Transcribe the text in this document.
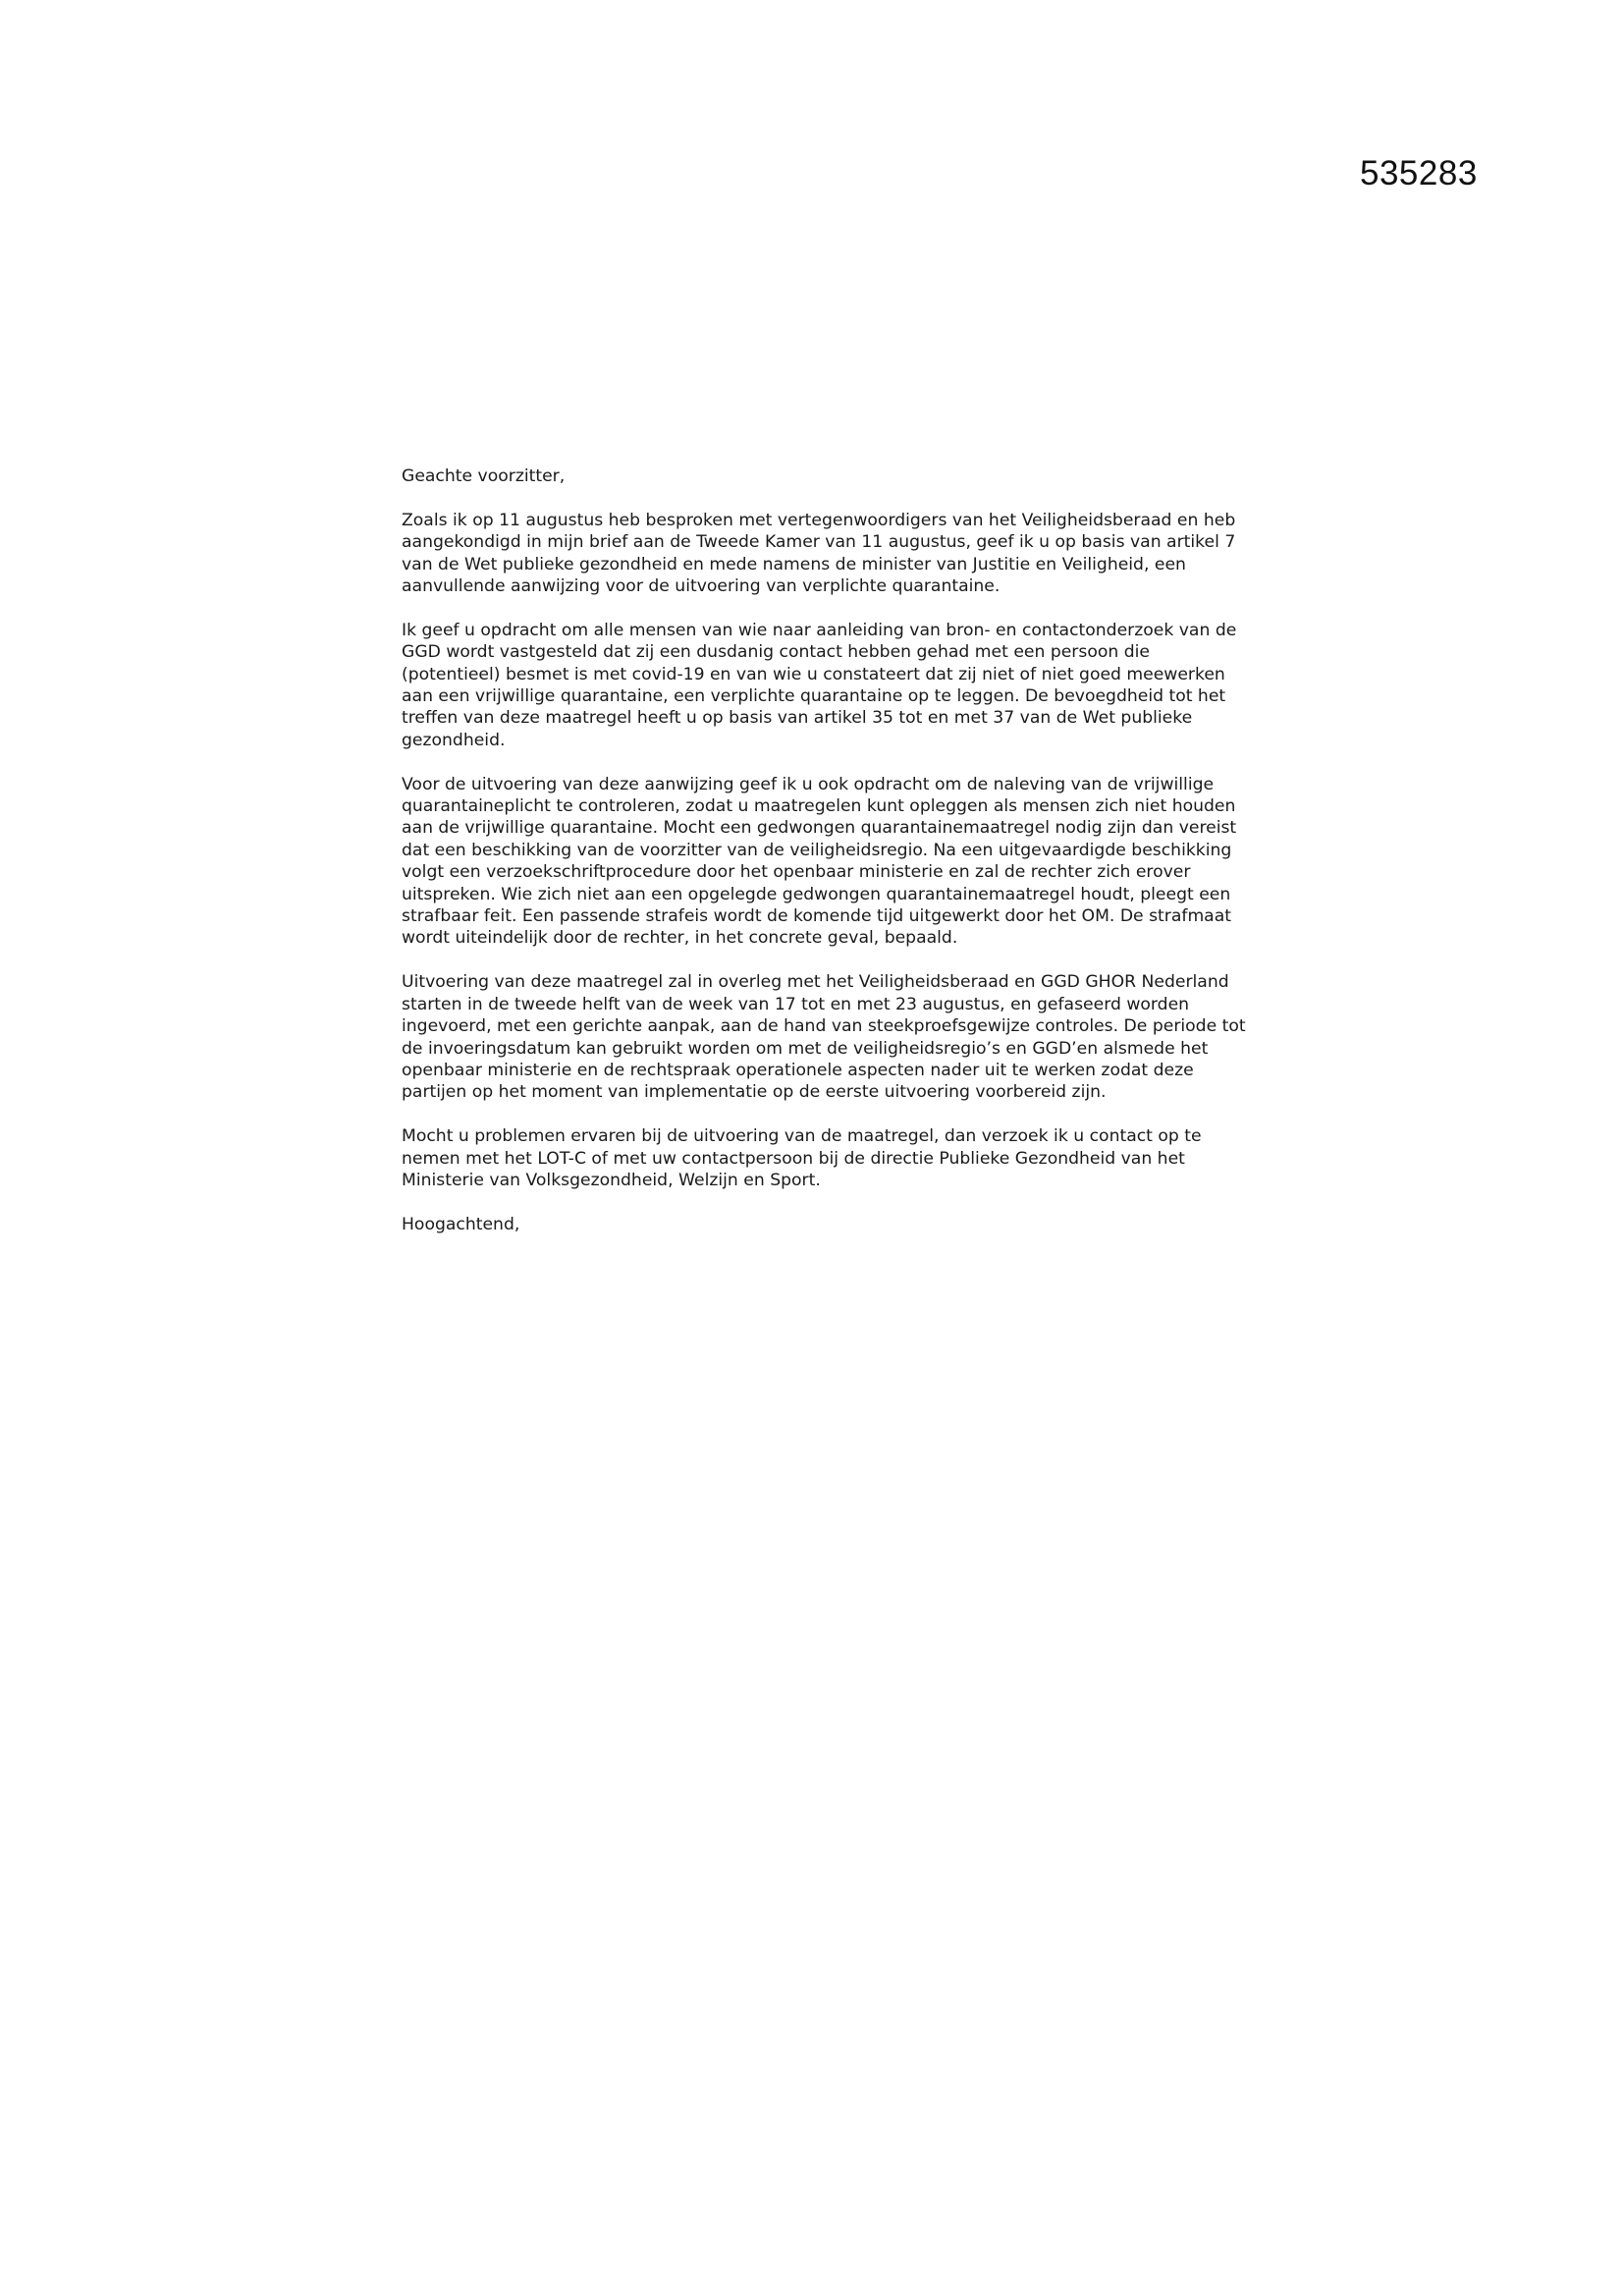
535283

Geachte voorzitter,

Zoals ik op 11 augustus heb besproken met vertegenwoordigers van het Veiligheidsberaad en heb
aangekondigd in mijn brief aan de Tweede Kamer van 11 augustus, geef ik u op basis van artikel 7
van de Wet publieke gezondheid en mede namens de minister van Justitie en Veiligheid, een
aanvullende aanwijzing voor de uitvoering van verplichte quarantaine.

Ik geef u opdracht om alle mensen van wie naar aanleiding van bron- en contactonderzoek van de
GGD wordt vastgesteld dat zij een dusdanig contact hebben gehad met een persoon die
(potentieel) besmet is met covid-19 en van wie u constateert dat zij niet of niet goed meewerken
aan een vrijwillige quarantaine, een verplichte quarantaine op te leggen. De bevoegdheid tot het
treffen van deze maatregel heeft u op basis van artikel 35 tot en met 37 van de Wet publieke
gezondheid.

Voor de uitvoering van deze aanwijzing geef ik u ook opdracht om de naleving van de vrijwillige
quarantaineplicht te controleren, zodat u maatregelen kunt opleggen als mensen zich niet houden
aan de vrijwillige quarantaine. Mocht een gedwongen quarantainemaatregel nodig zijn dan vereist
dat een beschikking van de voorzitter van de veiligheidsregio. Na een uitgevaardigde beschikking
volgt een verzoekschriftprocedure door het openbaar ministerie en zal de rechter zich erover
uitspreken. Wie zich niet aan een opgelegde gedwongen quarantainemaatregel houdt, pleegt een
strafbaar feit. Een passende strafeis wordt de komende tijd uitgewerkt door het OM. De strafmaat
wordt uiteindelijk door de rechter, in het concrete geval, bepaald.

Uitvoering van deze maatregel zal in overleg met het Veiligheidsberaad en GGD GHOR Nederland
starten in de tweede helft van de week van 17 tot en met 23 augustus, en gefaseerd worden
ingevoerd, met een gerichte aanpak, aan de hand van steekproefsgewijze controles. De periode tot
de invoeringsdatum kan gebruikt worden om met de veiligheidsregio’s en GGD’en alsmede het
openbaar ministerie en de rechtspraak operationele aspecten nader uit te werken zodat deze
partijen op het moment van implementatie op de eerste uitvoering voorbereid zijn.

Mocht u problemen ervaren bij de uitvoering van de maatregel, dan verzoek ik u contact op te
nemen met het LOT-C of met uw contactpersoon bij de directie Publieke Gezondheid van het
Ministerie van Volksgezondheid, Welzijn en Sport.

Hoogachtend,
